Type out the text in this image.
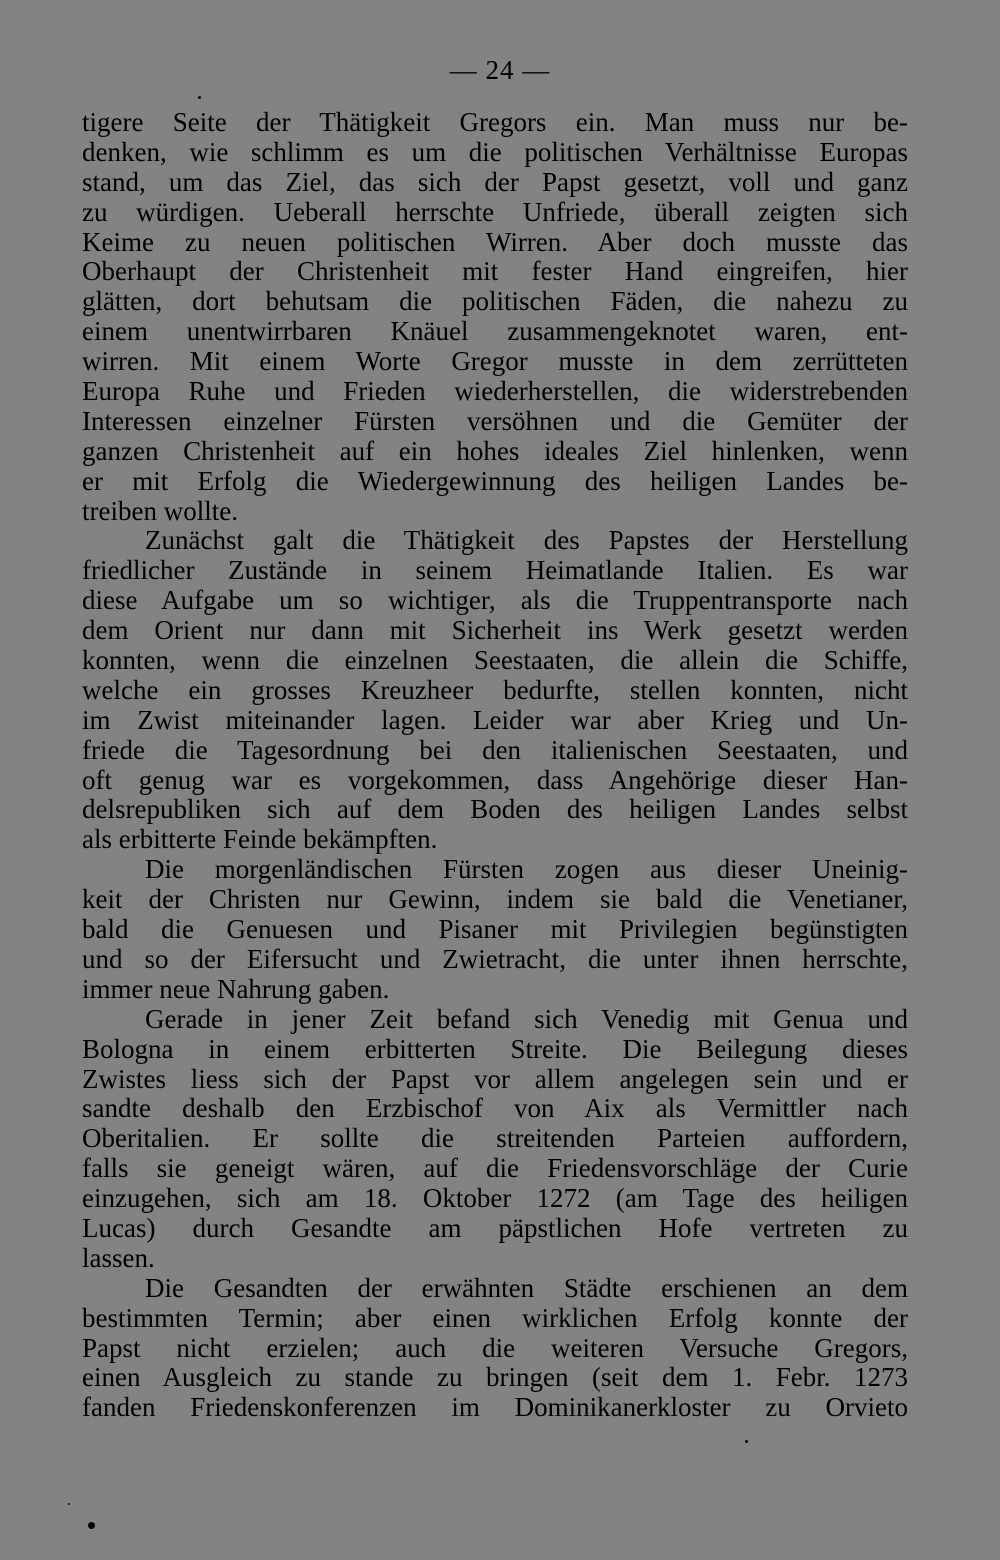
— 24 —
tigere Seite der Thätigkeit Gregors ein. Man muss nur be-
denken, wie schlimm es um die politischen Verhältnisse Europas
stand, um das Ziel, das sich der Papst gesetzt, voll und ganz
zu würdigen. Ueberall herrschte Unfriede, überall zeigten sich
Keime zu neuen politischen Wirren. Aber doch musste das
Oberhaupt der Christenheit mit fester Hand eingreifen, hier
glätten, dort behutsam die politischen Fäden, die nahezu zu
einem unentwirrbaren Knäuel zusammengeknotet waren, ent-
wirren. Mit einem Worte Gregor musste in dem zerrütteten
Europa Ruhe und Frieden wiederherstellen, die widerstrebenden
Interessen einzelner Fürsten versöhnen und die Gemüter der
ganzen Christenheit auf ein hohes ideales Ziel hinlenken, wenn
er mit Erfolg die Wiedergewinnung des heiligen Landes be-
treiben wollte.
Zunächst galt die Thätigkeit des Papstes der Herstellung
friedlicher Zustände in seinem Heimatlande Italien. Es war
diese Aufgabe um so wichtiger, als die Truppentransporte nach
dem Orient nur dann mit Sicherheit ins Werk gesetzt werden
konnten, wenn die einzelnen Seestaaten, die allein die Schiffe,
welche ein grosses Kreuzheer bedurfte, stellen konnten, nicht
im Zwist miteinander lagen. Leider war aber Krieg und Un-
friede die Tagesordnung bei den italienischen Seestaaten, und
oft genug war es vorgekommen, dass Angehörige dieser Han-
delsrepubliken sich auf dem Boden des heiligen Landes selbst
als erbitterte Feinde bekämpften.
Die morgenländischen Fürsten zogen aus dieser Uneinig-
keit der Christen nur Gewinn, indem sie bald die Venetianer,
bald die Genuesen und Pisaner mit Privilegien begünstigten
und so der Eifersucht und Zwietracht, die unter ihnen herrschte,
immer neue Nahrung gaben.
Gerade in jener Zeit befand sich Venedig mit Genua und
Bologna in einem erbitterten Streite. Die Beilegung dieses
Zwistes liess sich der Papst vor allem angelegen sein und er
sandte deshalb den Erzbischof von Aix als Vermittler nach
Oberitalien. Er sollte die streitenden Parteien auffordern,
falls sie geneigt wären, auf die Friedensvorschläge der Curie
einzugehen, sich am 18. Oktober 1272 (am Tage des heiligen
Lucas) durch Gesandte am päpstlichen Hofe vertreten zu
lassen.
Die Gesandten der erwähnten Städte erschienen an dem
bestimmten Termin; aber einen wirklichen Erfolg konnte der
Papst nicht erzielen; auch die weiteren Versuche Gregors,
einen Ausgleich zu stande zu bringen (seit dem 1. Febr. 1273
fanden Friedenskonferenzen im Dominikanerkloster zu Orvieto
